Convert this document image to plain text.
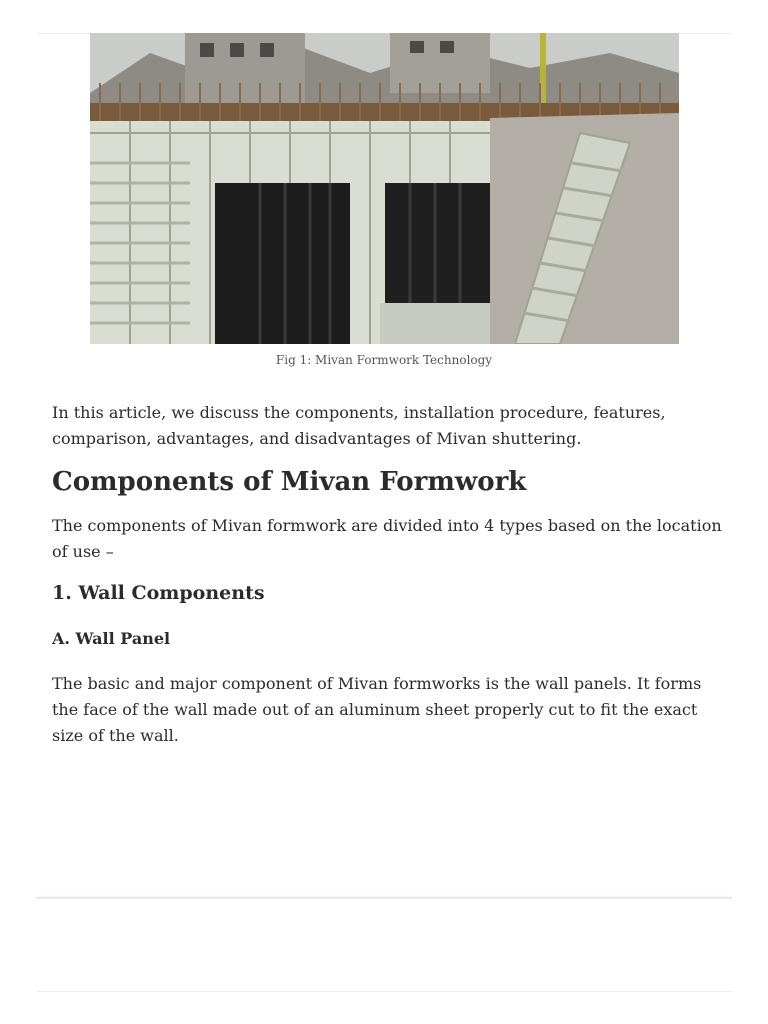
Fig 1: Mivan Formwork Technology

In this article, we discuss the components, installation procedure, features, comparison, advantages, and disadvantages of Mivan shuttering.

Components of Mivan Formwork

The components of Mivan formwork are divided into 4 types based on the location of use –

1. Wall Components
A. Wall Panel

The basic and major component of Mivan formworks is the wall panels. It forms the face of the wall made out of an aluminum sheet properly cut to fit the exact size of the wall.
